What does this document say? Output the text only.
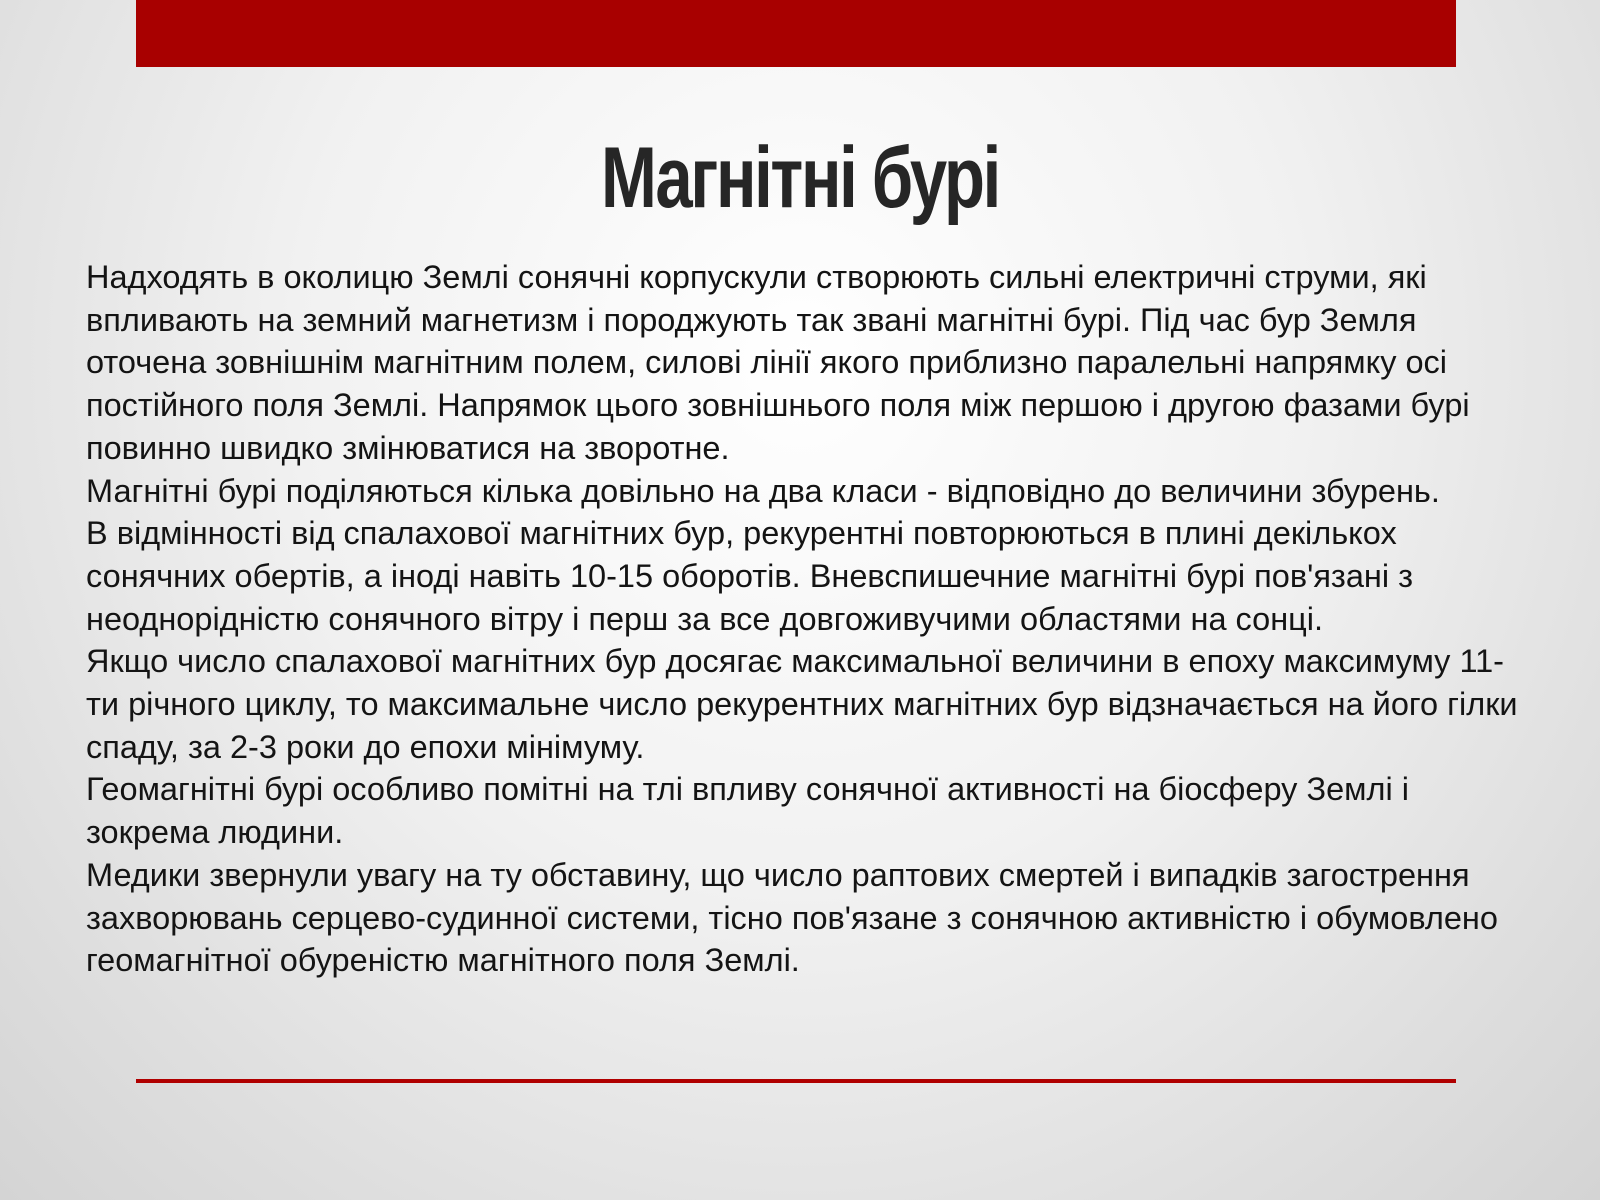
Магнітні бурі

Надходять в околицю Землі сонячні корпускули створюють сильні електричні струми, які впливають на земний магнетизм і породжують так звані магнітні бурі. Під час бур Земля оточена зовнішнім магнітним полем, силові лінії якого приблизно паралельні напрямку осі постійного поля Землі. Напрямок цього зовнішнього поля між першою і другою фазами бурі повинно швидко змінюватися на зворотне.

Магнітні бурі поділяються кілька довільно на два класи - відповідно до величини збурень.

В відмінності від спалахової магнітних бур, рекурентні повторюються в плині декількох сонячних обертів, а іноді навіть 10-15 оборотів. Вневспишечние магнітні бурі пов'язані з неоднорідністю сонячного вітру і перш за все довгоживучими областями на сонці.

Якщо число спалахової магнітних бур досягає максимальної величини в епоху максимуму 11-ти річного циклу, то максимальне число рекурентних магнітних бур відзначається на його гілки спаду, за 2-3 роки до епохи мінімуму.

Геомагнітні бурі особливо помітні на тлі впливу сонячної активності на біосферу Землі і зокрема людини.

Медики звернули увагу на ту обставину, що число раптових смертей і випадків загострення захворювань серцево-судинної системи, тісно пов'язане з сонячною активністю і обумовлено геомагнітної обуреністю магнітного поля Землі.
